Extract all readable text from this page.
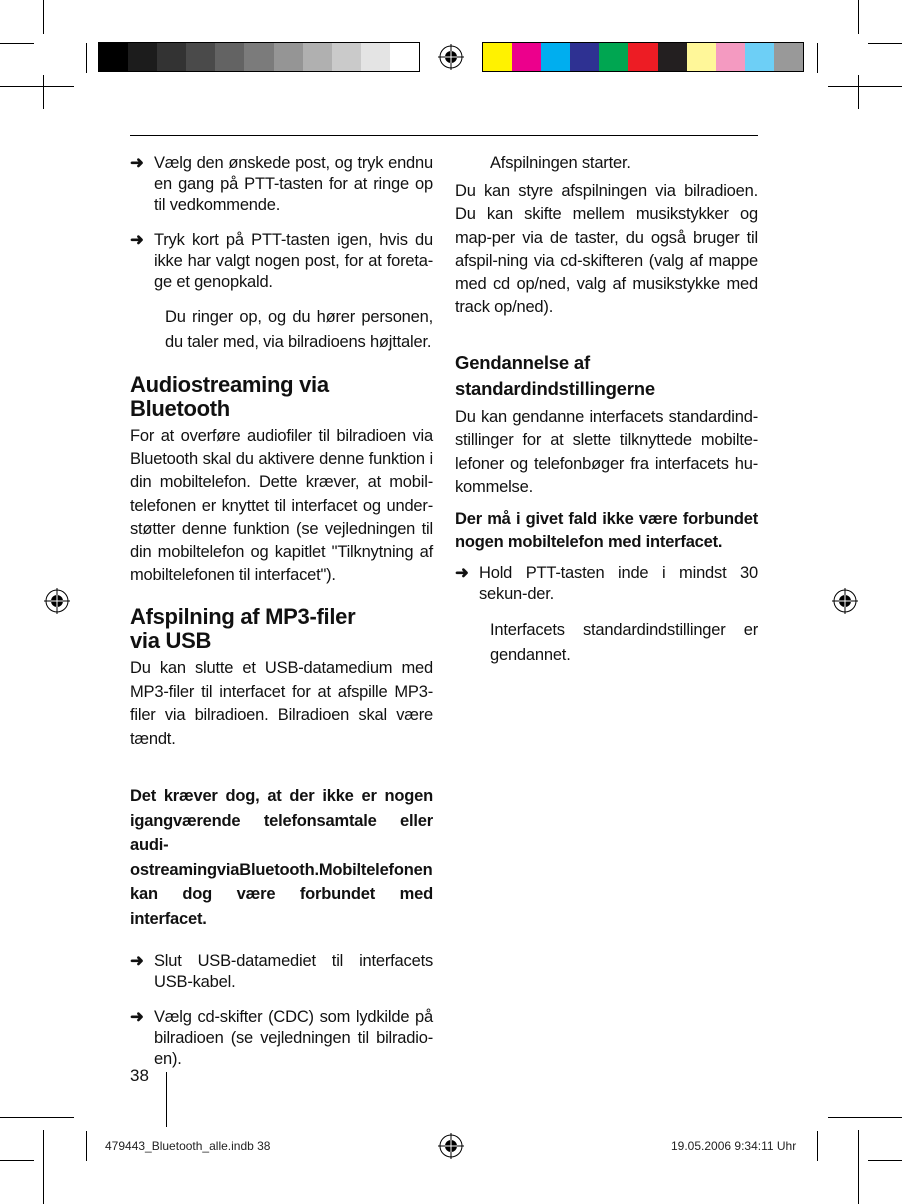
➜ Vælg den ønskede post, og tryk endnu en gang på PTT-tasten for at ringe op til vedkommende.

➜ Tryk kort på PTT-tasten igen, hvis du ikke har valgt nogen post, for at foreta-ge et genopkald.

Du ringer op, og du hører personen, du taler med, via bilradioens højttaler.

Audiostreaming via Bluetooth

For at overføre audiofiler til bilradioen via Bluetooth skal du aktivere denne funktion i din mobiltelefon. Dette kræver, at mobil-telefonen er knyttet til interfacet og under-støtter denne funktion (se vejledningen til din mobiltelefon og kapitlet "Tilknytning af mobiltelefonen til interfacet").

Afspilning af MP3-filer
via USB

Du kan slutte et USB-datamedium med MP3-filer til interfacet for at afspille MP3-filer via bilradioen. Bilradioen skal være tændt.

Det kræver dog, at der ikke er nogen igangværende telefonsamtale eller audi-ostreamingviaBluetooth.Mobiltelefonen kan dog være forbundet med interfacet.

➜ Slut USB-datamediet til interfacets USB-kabel.

➜ Vælg cd-skifter (CDC) som lydkilde på bilradioen (se vejledningen til bilradio-en).

Afspilningen starter.

Du kan styre afspilningen via bilradioen. Du kan skifte mellem musikstykker og map-per via de taster, du også bruger til afspil-ning via cd-skifteren (valg af mappe med cd op/ned, valg af musikstykke med track op/ned).

Gendannelse af
standardindstillingerne

Du kan gendanne interfacets standardind-stillinger for at slette tilknyttede mobilte-lefoner og telefonbøger fra interfacets hu-kommelse.

Der må i givet fald ikke være forbundet nogen mobiltelefon med interfacet.

➜ Hold PTT-tasten inde i mindst 30 sekun-der.

Interfacets standardindstillinger er gendannet.

38
479443_Bluetooth_alle.indb 38	19.05.2006 9:34:11 Uhr
